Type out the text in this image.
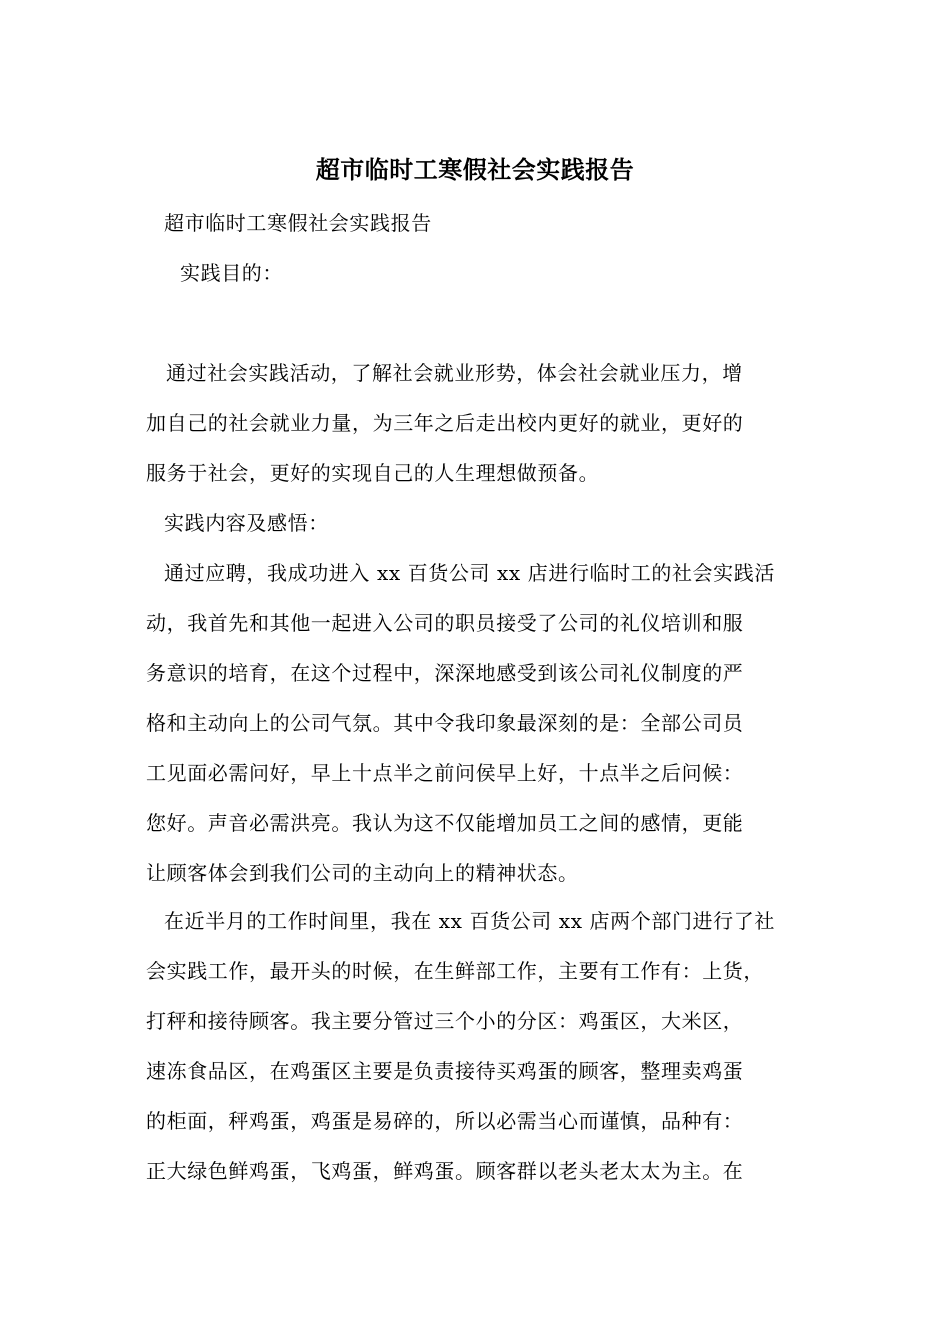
超市临时工寒假社会实践报告
超市临时工寒假社会实践报告
实践目的：
通过社会实践活动，了解社会就业形势，体会社会就业压力，增
加自己的社会就业力量，为三年之后走出校内更好的就业，更好的
服务于社会，更好的实现自己的人生理想做预备。
实践内容及感悟：
通过应聘，我成功进入 xx 百货公司 xx 店进行临时工的社会实践活
动，我首先和其他一起进入公司的职员接受了公司的礼仪培训和服
务意识的培育，在这个过程中，深深地感受到该公司礼仪制度的严
格和主动向上的公司气氛。其中令我印象最深刻的是：全部公司员
工见面必需问好，早上十点半之前问侯早上好，十点半之后问候：
您好。声音必需洪亮。我认为这不仅能增加员工之间的感情，更能
让顾客体会到我们公司的主动向上的精神状态。
在近半月的工作时间里，我在 xx 百货公司 xx 店两个部门进行了社
会实践工作，最开头的时候，在生鲜部工作，主要有工作有：上货，
打秤和接待顾客。我主要分管过三个小的分区：鸡蛋区，大米区，
速冻食品区，在鸡蛋区主要是负责接待买鸡蛋的顾客，整理卖鸡蛋
的柜面，秤鸡蛋，鸡蛋是易碎的，所以必需当心而谨慎，品种有：
正大绿色鲜鸡蛋，飞鸡蛋，鲜鸡蛋。顾客群以老头老太太为主。在
